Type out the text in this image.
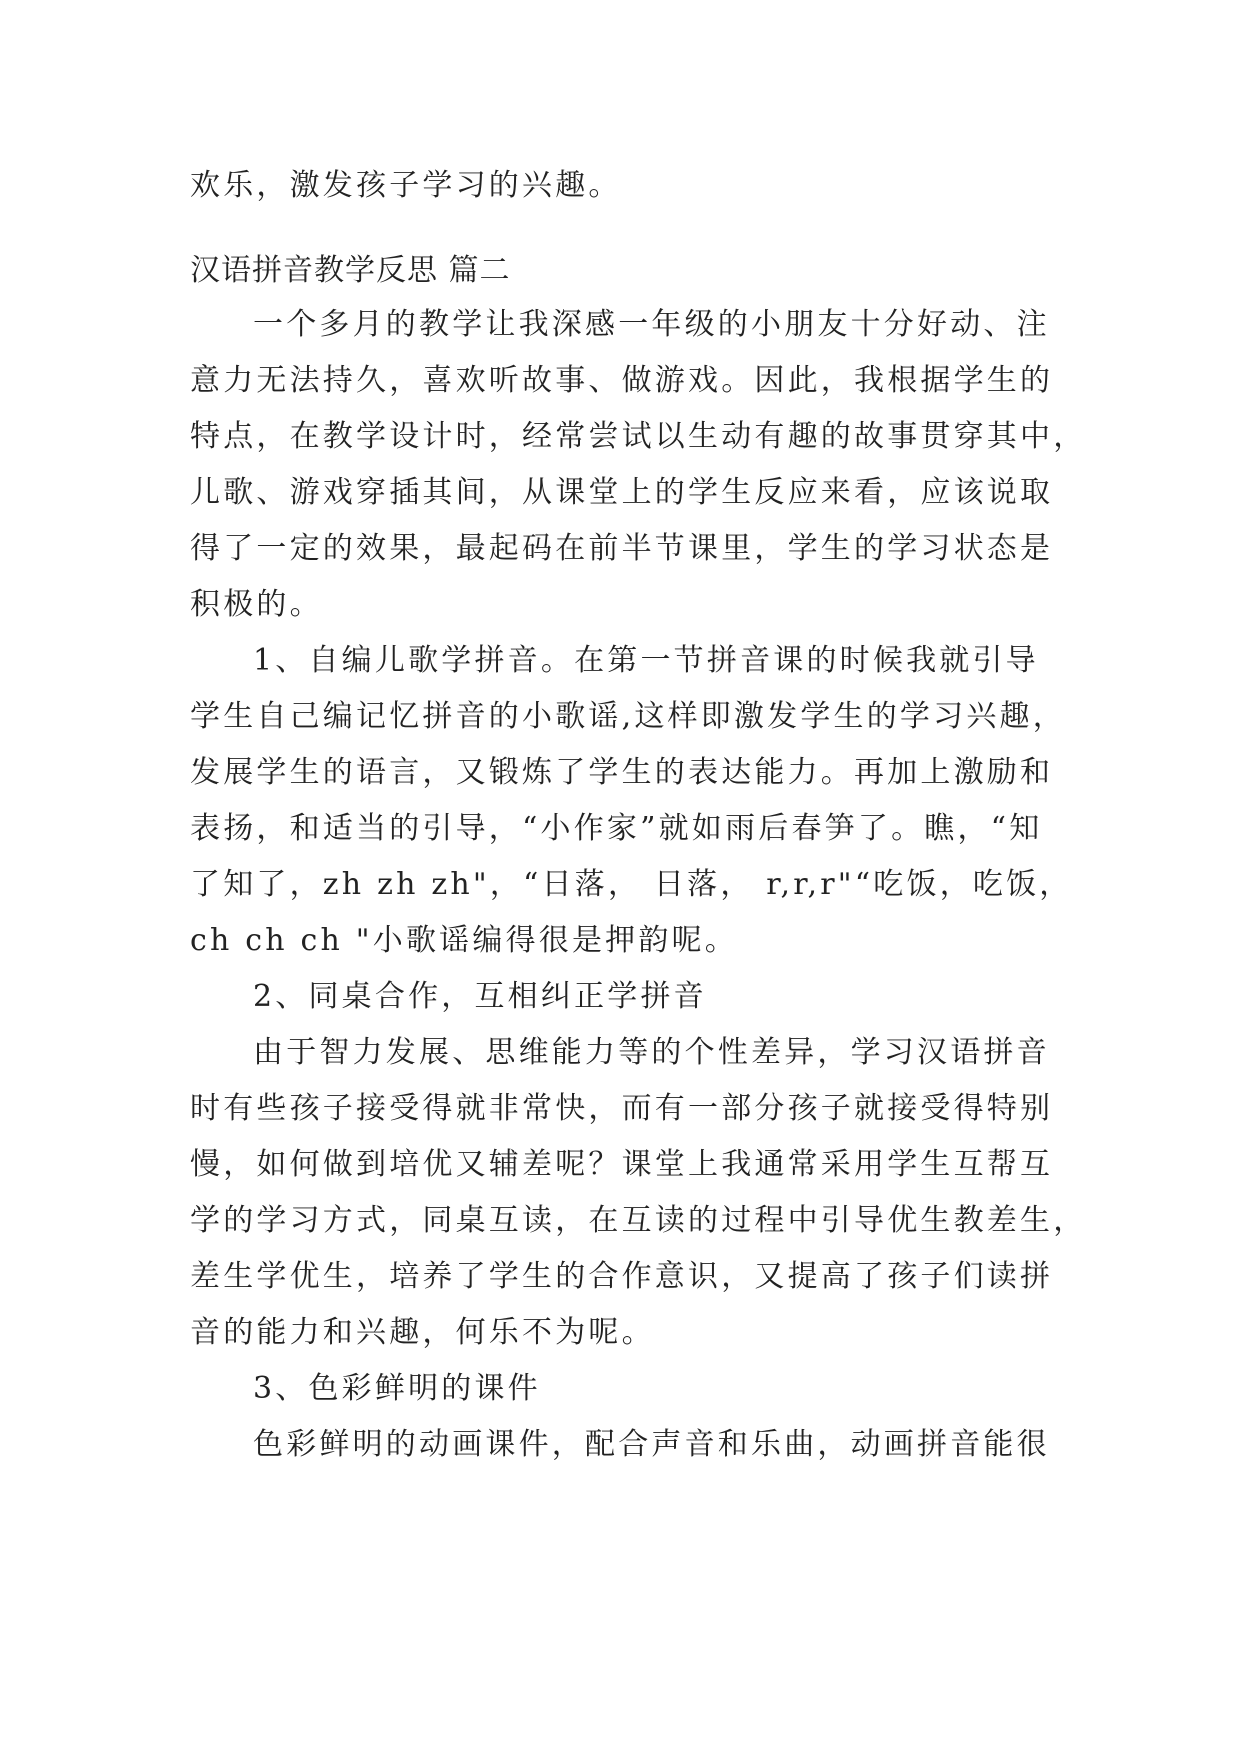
欢乐，激发孩子学习的兴趣。
汉语拼音教学反思 篇二
一个多月的教学让我深感一年级的小朋友十分好动、注
意力无法持久，喜欢听故事、做游戏。因此，我根据学生的
特点，在教学设计时，经常尝试以生动有趣的故事贯穿其中，
儿歌、游戏穿插其间，从课堂上的学生反应来看，应该说取
得了一定的效果，最起码在前半节课里，学生的学习状态是
积极的。
1、自编儿歌学拼音。在第一节拼音课的时候我就引导
学生自己编记忆拼音的小歌谣,这样即激发学生的学习兴趣，
发展学生的语言，又锻炼了学生的表达能力。再加上激励和
表扬，和适当的引导，“小作家”就如雨后春笋了。瞧，“知
了知了，zh zh zh"，“日落， 日落， r,r,r"“吃饭，吃饭，
ch ch ch "小歌谣编得很是押韵呢。
2、同桌合作，互相纠正学拼音
由于智力发展、思维能力等的个性差异，学习汉语拼音
时有些孩子接受得就非常快，而有一部分孩子就接受得特别
慢，如何做到培优又辅差呢？课堂上我通常采用学生互帮互
学的学习方式，同桌互读，在互读的过程中引导优生教差生，
差生学优生，培养了学生的合作意识，又提高了孩子们读拼
音的能力和兴趣，何乐不为呢。
3、色彩鲜明的课件
色彩鲜明的动画课件，配合声音和乐曲，动画拼音能很
